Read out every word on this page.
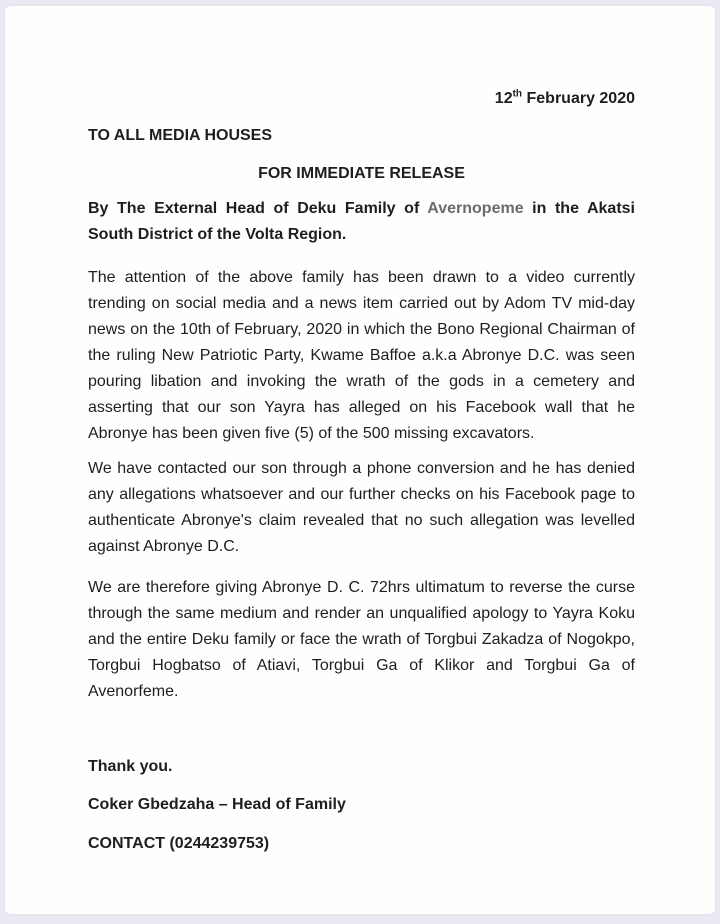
12th February 2020

TO ALL MEDIA HOUSES

FOR IMMEDIATE RELEASE

By The External Head of Deku Family of Avernopeme in the Akatsi South District of the Volta Region.

The attention of the above family has been drawn to a video currently trending on social media and a news item carried out by Adom TV mid-day news on the 10th of February, 2020 in which the Bono Regional Chairman of the ruling New Patriotic Party, Kwame Baffoe a.k.a Abronye D.C. was seen pouring libation and invoking the wrath of the gods in a cemetery and asserting that our son Yayra has alleged on his Facebook wall that he Abronye has been given five (5) of the 500 missing excavators.

We have contacted our son through a phone conversion and he has denied any allegations whatsoever and our further checks on his Facebook page to authenticate Abronye's claim revealed that no such allegation was levelled against Abronye D.C.

We are therefore giving Abronye D. C. 72hrs ultimatum to reverse the curse through the same medium and render an unqualified apology to Yayra Koku and the entire Deku family or face the wrath of Torgbui Zakadza of Nogokpo, Torgbui Hogbatso of Atiavi, Torgbui Ga of Klikor and Torgbui Ga of Avenorfeme.

Thank you.

Coker Gbedzaha – Head of Family

CONTACT (0244239753)
